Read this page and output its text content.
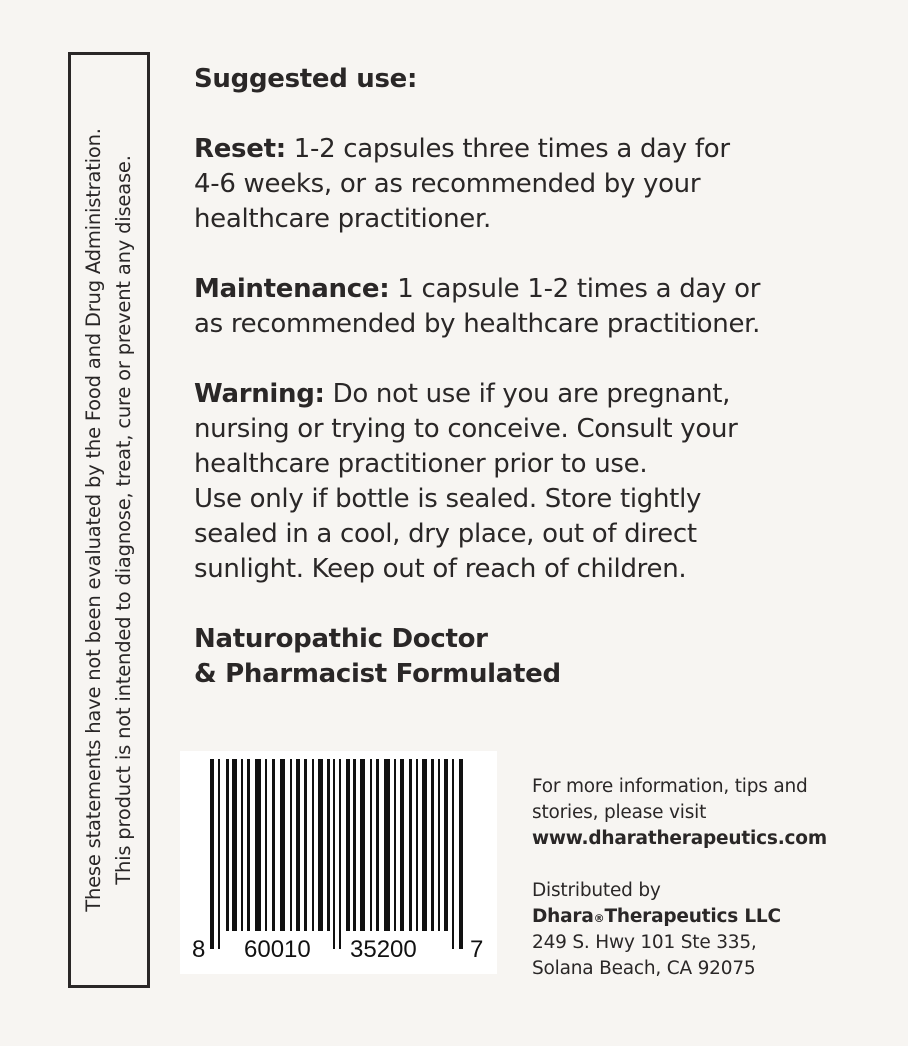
These statements have not been evaluated by the Food and Drug Administration. This product is not intended to diagnose, treat, cure or prevent any disease.

Suggested use:

Reset: 1-2 capsules three times a day for

4-6 weeks, or as recommended by your

healthcare practitioner.

Maintenance: 1 capsule 1-2 times a day or

as recommended by healthcare practitioner.

Warning: Do not use if you are pregnant,

nursing or trying to conceive. Consult your

healthcare practitioner prior to use.

Use only if bottle is sealed. Store tightly

sealed in a cool, dry place, out of direct

sunlight. Keep out of reach of children.

Naturopathic Doctor

& Pharmacist Formulated

8 60010 35200 7

For more information, tips and

stories, please visit

www.dharatherapeutics.com

Distributed by

Dhara®Therapeutics LLC

249 S. Hwy 101 Ste 335,

Solana Beach, CA 92075
